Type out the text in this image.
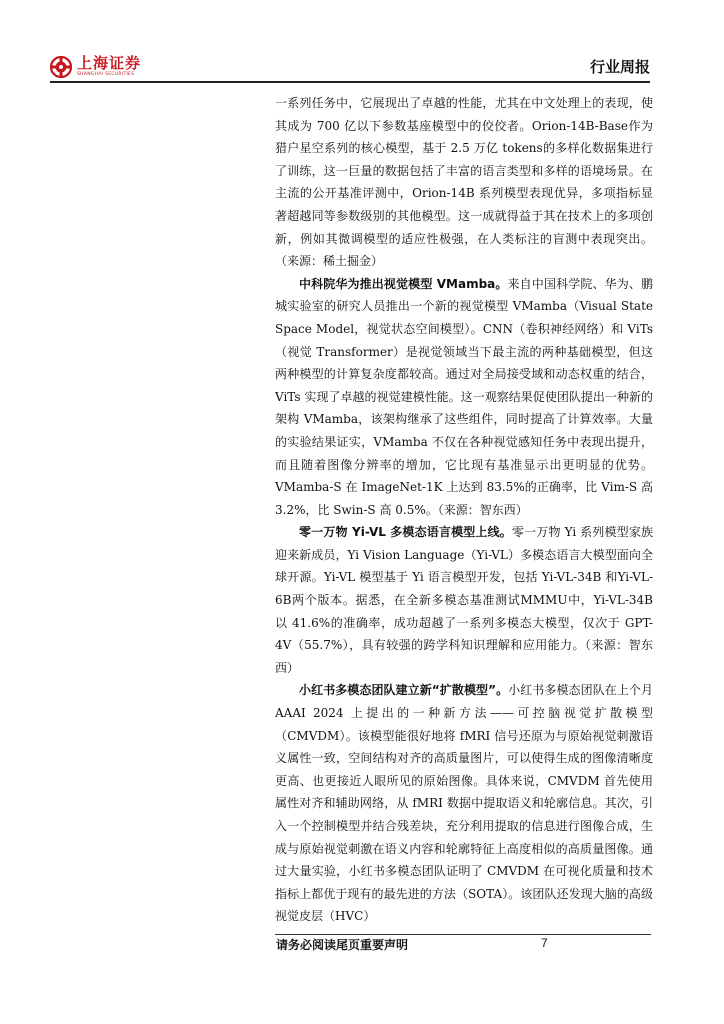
上海证券
SHANGHAI SECURITIES	行业周报

一系列任务中，它展现出了卓越的性能，尤其在中文处理上的表现，使其成为 700 亿以下参数基座模型中的佼佼者。Orion-14B-Base作为猎户星空系列的核心模型，基于 2.5 万亿 tokens的多样化数据集进行了训练，这一巨量的数据包括了丰富的语言类型和多样的语境场景。在主流的公开基准评测中，Orion-14B 系列模型表现优异，多项指标显著超越同等参数级别的其他模型。这一成就得益于其在技术上的多项创新，例如其微调模型的适应性极强，在人类标注的盲测中表现突出。（来源：稀土掘金）

中科院华为推出视觉模型 VMamba。来自中国科学院、华为、鹏城实验室的研究人员推出一个新的视觉模型 VMamba（Visual State Space Model，视觉状态空间模型）。CNN（卷积神经网络）和 ViTs（视觉 Transformer）是视觉领域当下最主流的两种基础模型，但这两种模型的计算复杂度都较高。通过对全局接受域和动态权重的结合，ViTs 实现了卓越的视觉建模性能。这一观察结果促使团队提出一种新的架构 VMamba，该架构继承了这些组件，同时提高了计算效率。大量的实验结果证实，VMamba 不仅在各种视觉感知任务中表现出提升，而且随着图像分辨率的增加，它比现有基准显示出更明显的优势。VMamba-S 在 ImageNet-1K 上达到 83.5%的正确率，比 Vim-S 高 3.2%，比 Swin-S 高 0.5%。（来源：智东西）

零一万物 Yi-VL 多模态语言模型上线。零一万物 Yi 系列模型家族迎来新成员，Yi Vision Language（Yi-VL）多模态语言大模型面向全球开源。Yi-VL 模型基于 Yi 语言模型开发，包括 Yi-VL-34B 和Yi-VL-6B两个版本。据悉，在全新多模态基准测试MMMU中，Yi-VL-34B 以 41.6%的准确率，成功超越了一系列多模态大模型，仅次于 GPT-4V（55.7%），具有较强的跨学科知识理解和应用能力。（来源：智东西）

小红书多模态团队建立新“扩散模型”。小红书多模态团队在上个月 AAAI 2024 上提出的一种新方法——可控脑视觉扩散模型（CMVDM）。该模型能很好地将 fMRI 信号还原为与原始视觉刺激语义属性一致，空间结构对齐的高质量图片，可以使得生成的图像清晰度更高、也更接近人眼所见的原始图像。具体来说，CMVDM 首先使用属性对齐和辅助网络，从 fMRI 数据中提取语义和轮廓信息。其次，引入一个控制模型并结合残差块，充分利用提取的信息进行图像合成，生成与原始视觉刺激在语义内容和轮廓特征上高度相似的高质量图像。通过大量实验，小红书多模态团队证明了 CMVDM 在可视化质量和技术指标上都优于现有的最先进的方法（SOTA）。该团队还发现大脑的高级视觉皮层（HVC）

请务必阅读尾页重要声明	7
